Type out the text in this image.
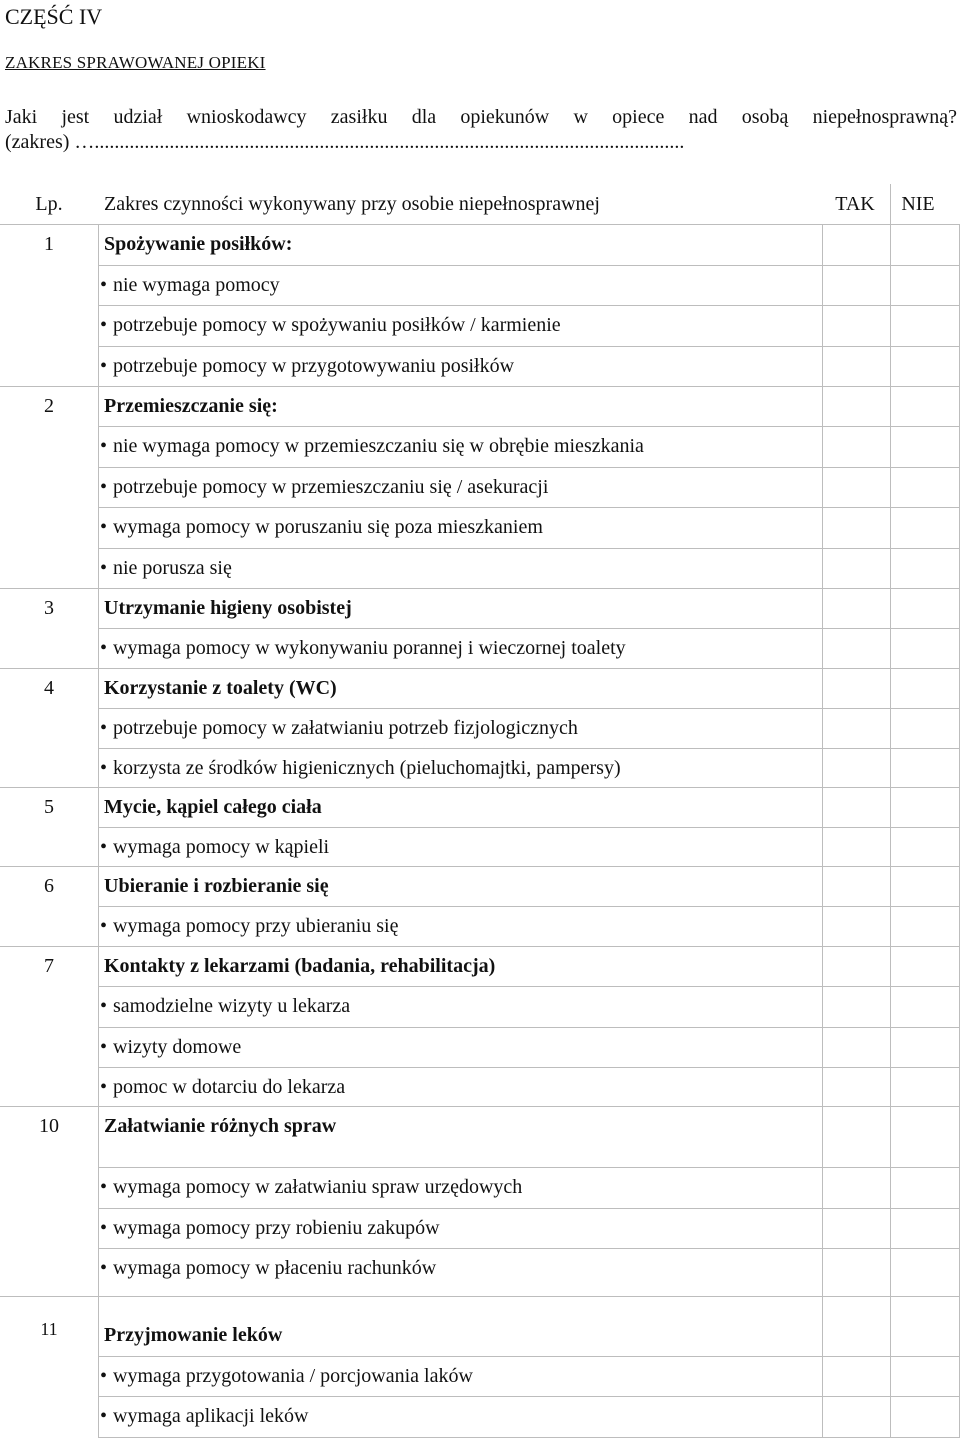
CZĘŚĆ IV
ZAKRES SPRAWOWANEJ OPIEKI

Jaki jest udział wnioskodawcy zasiłku dla opiekunów w opiece nad osobą niepełnosprawną?

(zakres) …......................................................................................................................

Lp.	Zakres czynności wykonywany przy osobie niepełnosprawnej	TAK	NIE
1	Spożywanie posiłków:
• nie wymaga pomocy
• potrzebuje pomocy w spożywaniu posiłków / karmienie
• potrzebuje pomocy w przygotowywaniu posiłków
2	Przemieszczanie się:
• nie wymaga pomocy w przemieszczaniu się w obrębie mieszkania
• potrzebuje pomocy w przemieszczaniu się / asekuracji
• wymaga pomocy w poruszaniu się poza mieszkaniem
• nie porusza się
3	Utrzymanie higieny osobistej
• wymaga pomocy w wykonywaniu porannej i wieczornej toalety
4	Korzystanie z toalety (WC)
• potrzebuje pomocy w załatwianiu potrzeb fizjologicznych
• korzysta ze środków higienicznych (pieluchomajtki, pampersy)
5	Mycie, kąpiel całego ciała
• wymaga pomocy w kąpieli
6	Ubieranie i rozbieranie się
• wymaga pomocy przy ubieraniu się
7	Kontakty z lekarzami (badania, rehabilitacja)
• samodzielne wizyty u lekarza
• wizyty domowe
• pomoc w dotarciu do lekarza
10	Załatwianie różnych spraw
• wymaga pomocy w załatwianiu spraw urzędowych
• wymaga pomocy przy robieniu zakupów
• wymaga pomocy w płaceniu rachunków
11	Przyjmowanie leków
• wymaga przygotowania / porcjowania laków
• wymaga aplikacji leków
